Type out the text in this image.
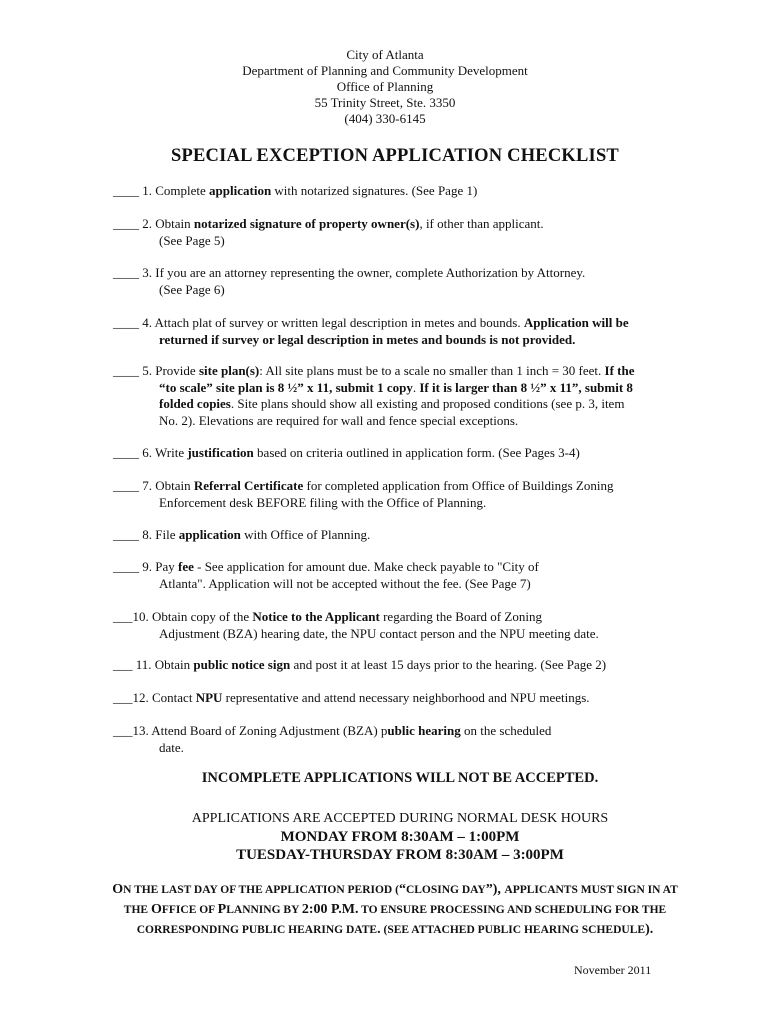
City of Atlanta
Department of Planning and Community Development
Office of Planning
55 Trinity Street, Ste. 3350
(404) 330-6145
SPECIAL EXCEPTION APPLICATION CHECKLIST
____ 1. Complete application with notarized signatures. (See Page 1)
____ 2. Obtain notarized signature of property owner(s), if other than applicant.
(See Page 5)
____ 3. If you are an attorney representing the owner, complete Authorization by Attorney.
(See Page 6)
____ 4. Attach plat of survey or written legal description in metes and bounds. Application will be
returned if survey or legal description in metes and bounds is not provided.
____ 5. Provide site plan(s): All site plans must be to a scale no smaller than 1 inch = 30 feet. If the
“to scale” site plan is 8 ½” x 11, submit 1 copy. If it is larger than 8 ½” x 11”, submit 8
folded copies. Site plans should show all existing and proposed conditions (see p. 3, item
No. 2). Elevations are required for wall and fence special exceptions.
____ 6. Write justification based on criteria outlined in application form. (See Pages 3-4)
____ 7. Obtain Referral Certificate for completed application from Office of Buildings Zoning
Enforcement desk BEFORE filing with the Office of Planning.
____ 8. File application with Office of Planning.
____ 9. Pay fee - See application for amount due. Make check payable to "City of
Atlanta". Application will not be accepted without the fee. (See Page 7)
___10. Obtain copy of the Notice to the Applicant regarding the Board of Zoning
Adjustment (BZA) hearing date, the NPU contact person and the NPU meeting date.
___ 11. Obtain public notice sign and post it at least 15 days prior to the hearing. (See Page 2)
___12. Contact NPU representative and attend necessary neighborhood and NPU meetings.
___13. Attend Board of Zoning Adjustment (BZA) public hearing on the scheduled
date.
INCOMPLETE APPLICATIONS WILL NOT BE ACCEPTED.
APPLICATIONS ARE ACCEPTED DURING NORMAL DESK HOURS
MONDAY FROM 8:30AM – 1:00PM
TUESDAY-THURSDAY FROM 8:30AM – 3:00PM
ON THE LAST DAY OF THE APPLICATION PERIOD (“CLOSING DAY”), APPLICANTS MUST SIGN IN AT THE OFFICE OF PLANNING BY 2:00 P.M. TO ENSURE PROCESSING AND SCHEDULING FOR THE CORRESPONDING PUBLIC HEARING DATE. (SEE ATTACHED PUBLIC HEARING SCHEDULE).
November 2011
